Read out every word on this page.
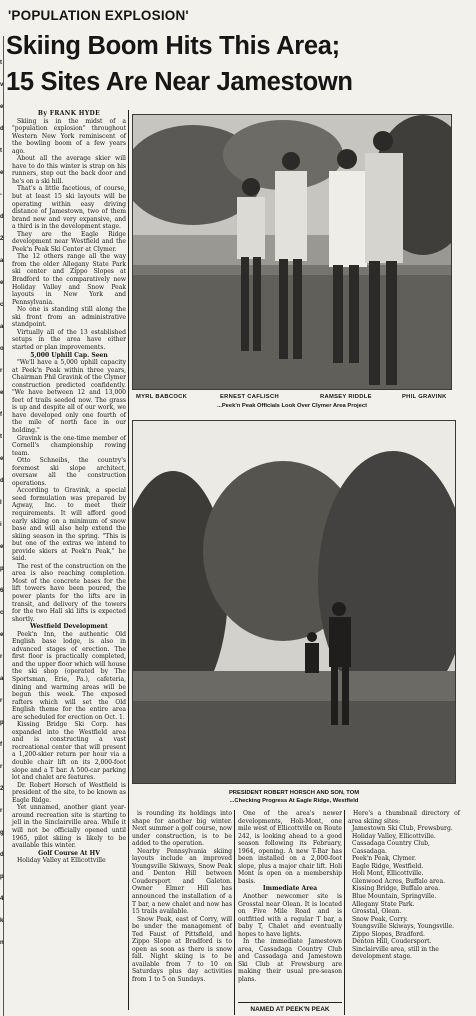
t
v
e
d
t
e
-
d
2
a
e
c
a
o
r
e
f
t
e
d
I
i
e
p
6
c
e
r
a
r
p
f
r
2
r
g
d
p
4
k
n
'POPULATION EXPLOSION'
Skiing Boom Hits This Area;
15 Sites Are Near Jamestown

By FRANK HYDE

Skiing is in the midst of a "population explosion" throughout Western New York reminiscent of the bowling boom of a few years ago.

About all the average skier will have to do this winter is strap on his runners, step out the back door and he's on a ski hill.

That's a little facetious, of course, but at least 15 ski layouts will be operating within easy driving distance of Jamestown, two of them brand new and very expansive, and a third is in the development stage.

They are the Eagle Ridge development near Westfield and the Peek'n Peak Ski Center at Clymer.

The 12 others range all the way from the older Allegany State Park ski center and Zippo Slopes at Bradford to the comparatively new Holiday Valley and Snow Peak layouts in New York and Pennsylvania.

No one is standing still along the ski front from an administrative standpoint.

Virtually all of the 13 established setups in the area have either started or plan improvements.

5,000 Uphill Cap. Seen

"We'll have a 5,000 uphill capacity at Peek'n Peak within three years, Chairman Phil Gravink of the Clymer construction predicted confidently. "We have between 12 and 13,000 feet of trails seeded now. The grass is up and despite all of our work, we have developed only one fourth of the mile of north face in our holding."

Gravink is the one-time member of Cornell's championship rowing team.

Otto Schneibs, the country's foremost ski slope architect, oversaw all the construction operations.

According to Gravink, a special seed formulation was prepared by Agway, Inc. to meet their requirements. It will afford good early skiing on a minimum of snow base and will also help extend the skiing season in the spring. "This is but one of the extras we intend to provide skiers at Peek'n Peak," he said.

The rest of the construction on the area is also reaching completion. Most of the concrete bases for the lift towers have been poured, the power plants for the lifts are in transit, and delivery of the towers for the two Hall ski lifts is expected shortly.

Westfield Development

Peek'n Inn, the authentic Old English base lodge, is also in advanced stages of erection. The first floor is practically completed, and the upper floor which will house the ski shop (operated by The Sportsman, Erie, Pa.), cafeteria, dining and warming areas will be begun this week. The exposed rafters which will set the Old English theme for the entire area are scheduled for erection on Oct. 1.

Kissing Bridge Ski Corp. has expanded into the Westfield area and is constructing a vast recreational center that will present a 1,200-skier return per hour via a double chair lift on its 2,000-foot slope and a T bar. A 500-car parking lot and chalet are features.

Dr. Robert Horsch of Westfield is president of the site, to be known as Eagle Ridge.

Yet unnamed, another giant year-around recreation site is starting to jell in the Sinclairville area. While it will not be officially opened until 1965, pilot skiing is likely to be available this winter.

Golf Course At HV

Holiday Valley at Ellicottville

MYRL BABCOCK	ERNEST CAFLISCH	RAMSEY RIDDLE	PHIL GRAVINK
...Peek'n Peak Officials Look Over Clymer Area Project
PRESIDENT ROBERT HORSCH AND SON, TOM
...Checking Progress At Eagle Ridge, Westfield

is rounding its holdings into shape for another big winter. Next summer a golf course, now under construction, is to be added to the operation.

Nearby Pennsylvania skiing layouts include an improved Youngsville Skiways, Snow Peak and Denton Hill between Coudersport and Galeton. Owner Elmer Hill has announced the installation of a T bar, a new chalet and now has 15 trails available.

Snow Peak, east of Corry, will be under the management of Ted Faust of Pittsfield, and Zippo Slope at Bradford is to open as soon as there is snow fall. Night skiing is to be available from 7 to 10 on Saturdays plus day activities from 1 to 5 on Sundays.

One of the area's newer developments, Holi-Mont, one mile west of Ellicottville on Route 242, is looking ahead to a good season following its February, 1964, opening. A new T-Bar has been installed on a 2,000-foot slope, plus a major chair lift. Holi Mont is open on a membership basis.

Immediate Area

Another newcomer site is Grosstal near Olean. It is located on Five Mile Road and is outfitted with a regular T bar, a baby T, Chalet and eventually hopes to have lights.

In the immediate Jamestown area, Cassadaga Country Club and Cassadaga and Jamestown Ski Club at Frewsburg are making their usual pre-season plans.

Here's a thumbnail directory of area skiing sites:

Jamestown Ski Club, Frewsburg.

Holiday Valley, Ellicottville.

Cassadaga Country Club, Cassadaga.

Peek'n Peak, Clymer.

Eagle Ridge, Westfield.

Holi Mont, Ellicottville.

Glenwood Acres, Buffalo area.

Kissing Bridge, Buffalo area.

Blue Mountain, Springville.

Allegany State Park.

Grosstal, Olean.

Snow Peak, Corry.

Youngsville Skiways, Youngsville.

Zippo Slopes, Bradford.

Denton Hill, Coudersport.

Sinclairville area, still in the development stage.

NAMED AT PEEK'N PEAK
